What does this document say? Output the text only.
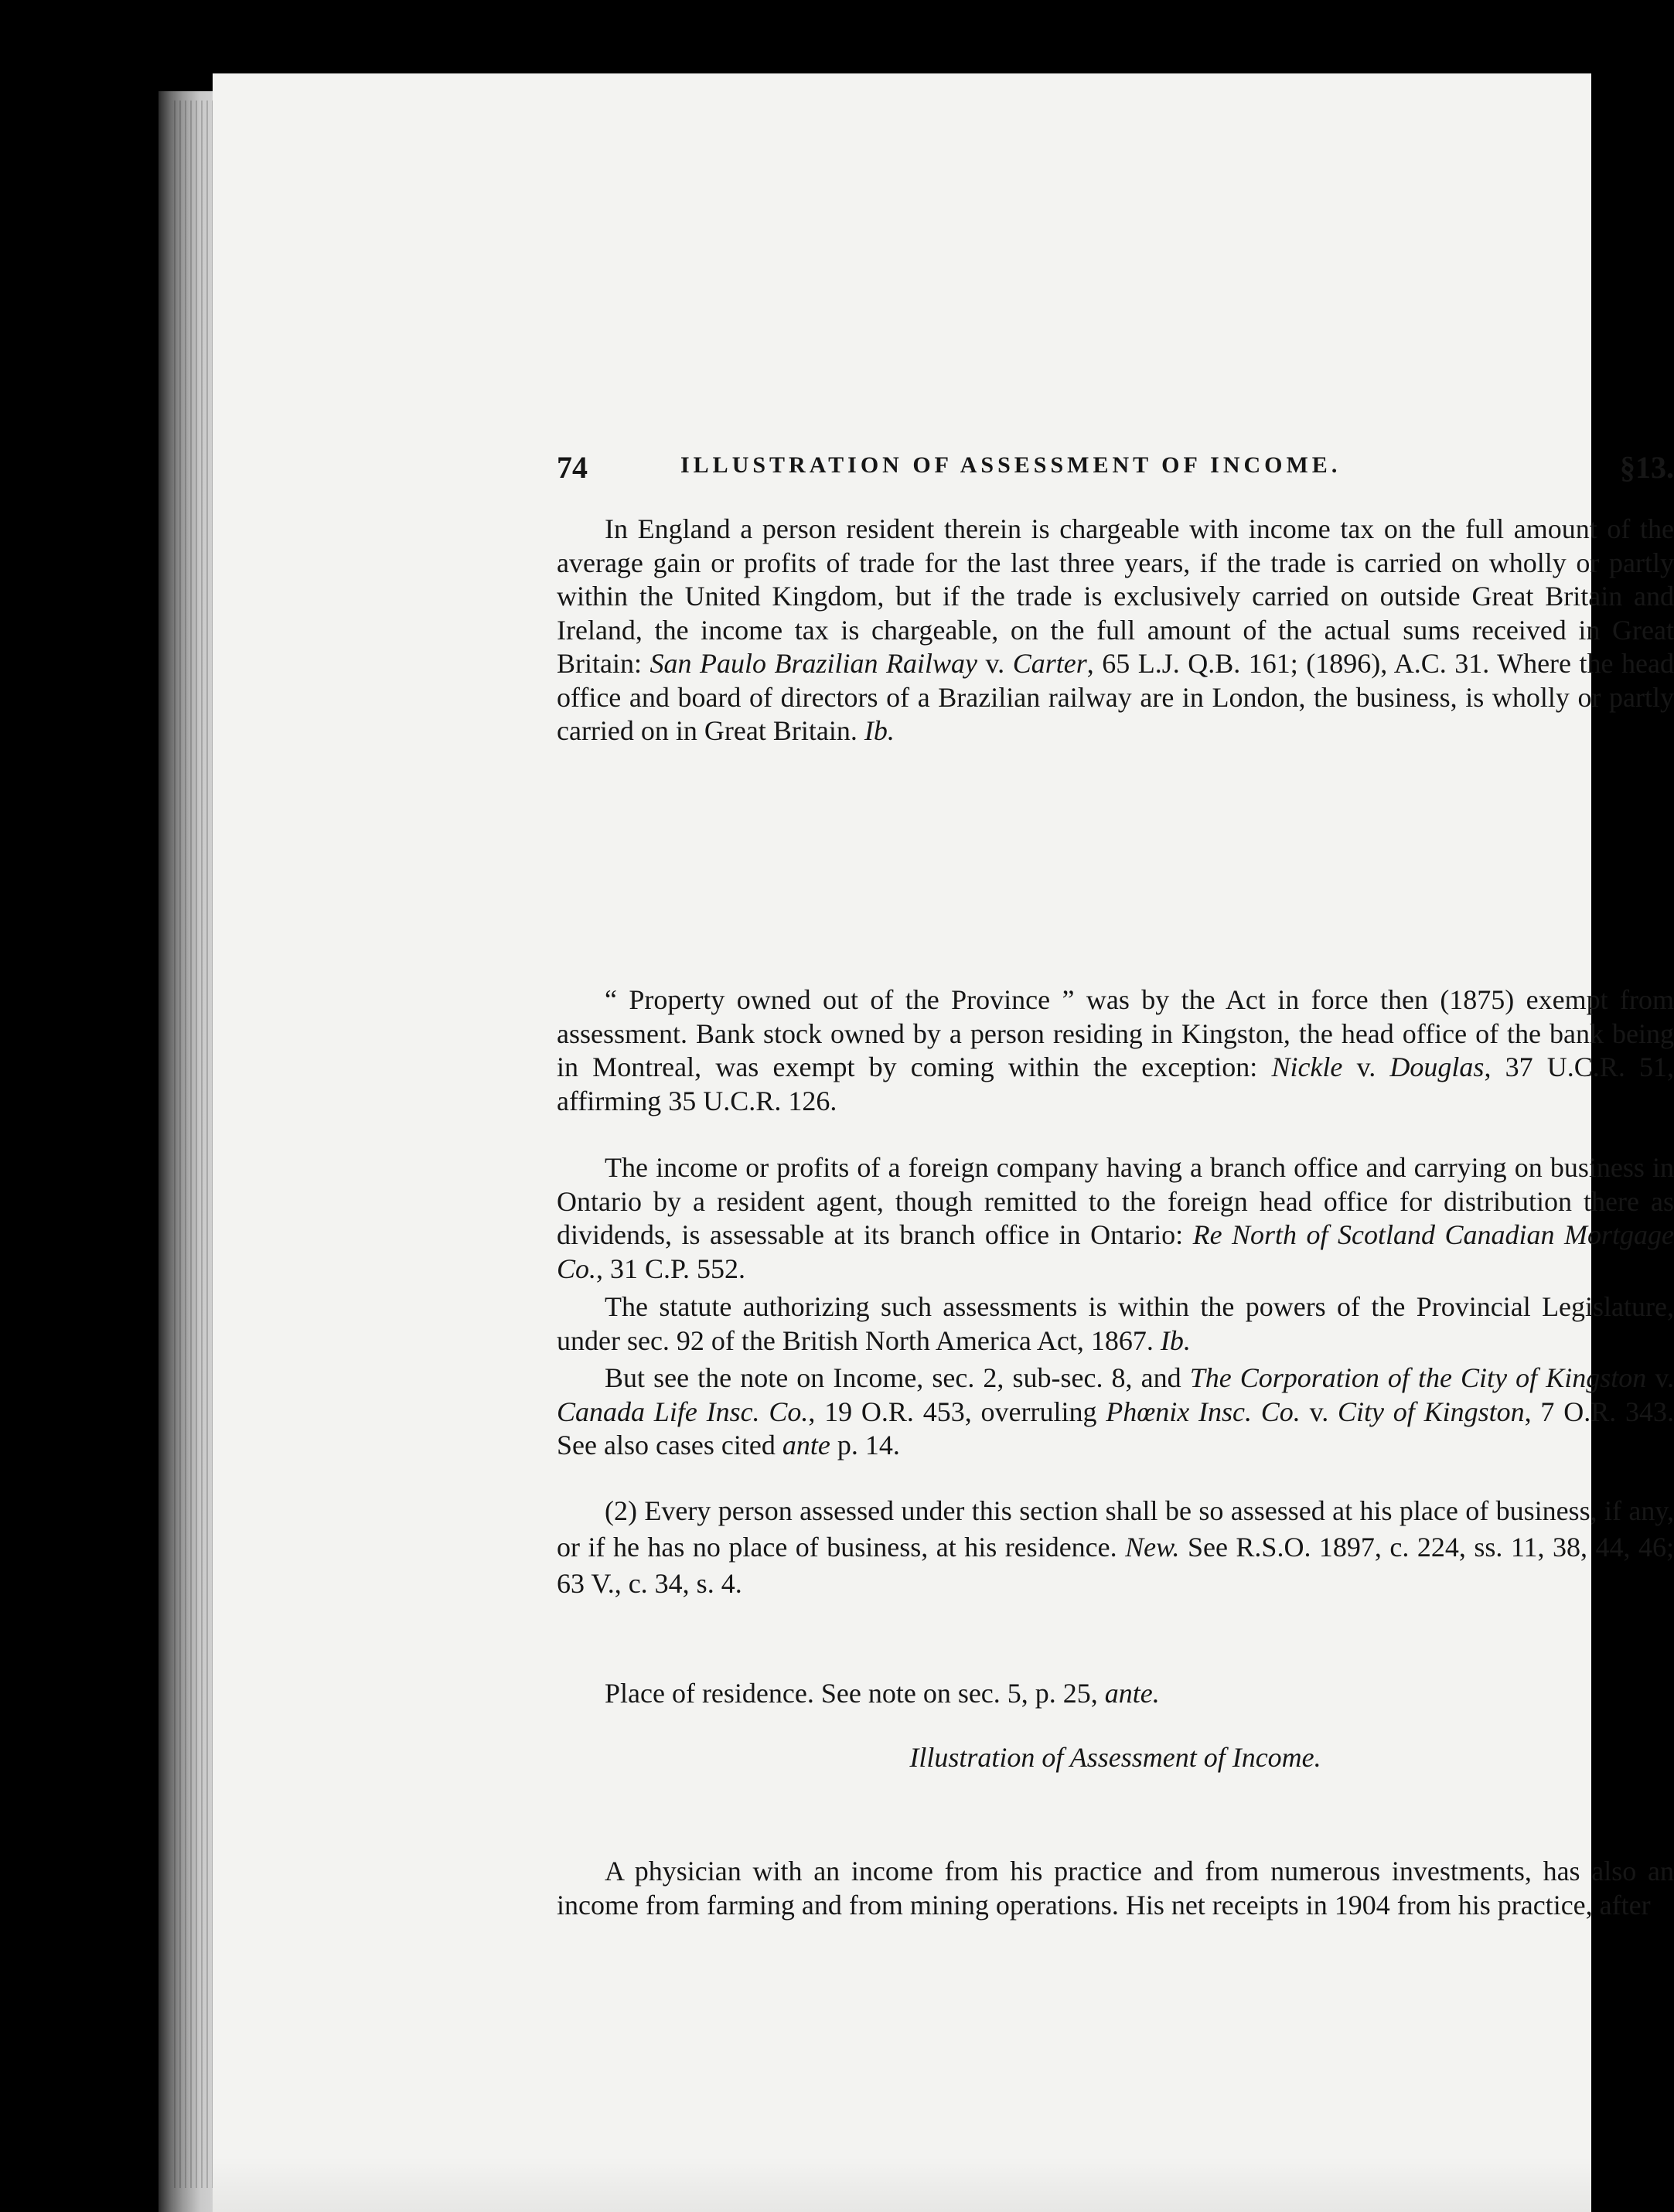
74	ILLUSTRATION OF ASSESSMENT OF INCOME.	§13.

In England a person resident therein is chargeable with income tax on the full amount of the average gain or profits of trade for the last three years, if the trade is carried on wholly or partly within the United Kingdom, but if the trade is exclusively carried on outside Great Britain and Ireland, the income tax is chargeable, on the full amount of the actual sums received in Great Britain: San Paulo Brazilian Railway v. Carter, 65 L.J. Q.B. 161; (1896), A.C. 31. Where the head office and board of directors of a Brazilian railway are in London, the business, is wholly or partly carried on in Great Britain. Ib.

“ Property owned out of the Province ” was by the Act in force then (1875) exempt from assessment. Bank stock owned by a person residing in Kingston, the head office of the bank being in Montreal, was exempt by coming within the exception: Nickle v. Douglas, 37 U.C.R. 51, affirming 35 U.C.R. 126.

The income or profits of a foreign company having a branch office and carrying on business in Ontario by a resident agent, though remitted to the foreign head office for distribution there as dividends, is assessable at its branch office in Ontario: Re North of Scotland Canadian Mortgage Co., 31 C.P. 552.

The statute authorizing such assessments is within the powers of the Provincial Legislature, under sec. 92 of the British North America Act, 1867. Ib.

But see the note on Income, sec. 2, sub-sec. 8, and The Corporation of the City of Kingston v. Canada Life Insc. Co., 19 O.R. 453, overruling Phœnix Insc. Co. v. City of Kingston, 7 O.R. 343. See also cases cited ante p. 14.

(2) Every person assessed under this section shall be so assessed at his place of business, if any, or if he has no place of business, at his residence. New. See R.S.O. 1897, c. 224, ss. 11, 38, 44, 46; 63 V., c. 34, s. 4.

Place of residence. See note on sec. 5, p. 25, ante.

Illustration of Assessment of Income.

A physician with an income from his practice and from numerous investments, has also an income from farming and from mining operations. His net receipts in 1904 from his practice, after
